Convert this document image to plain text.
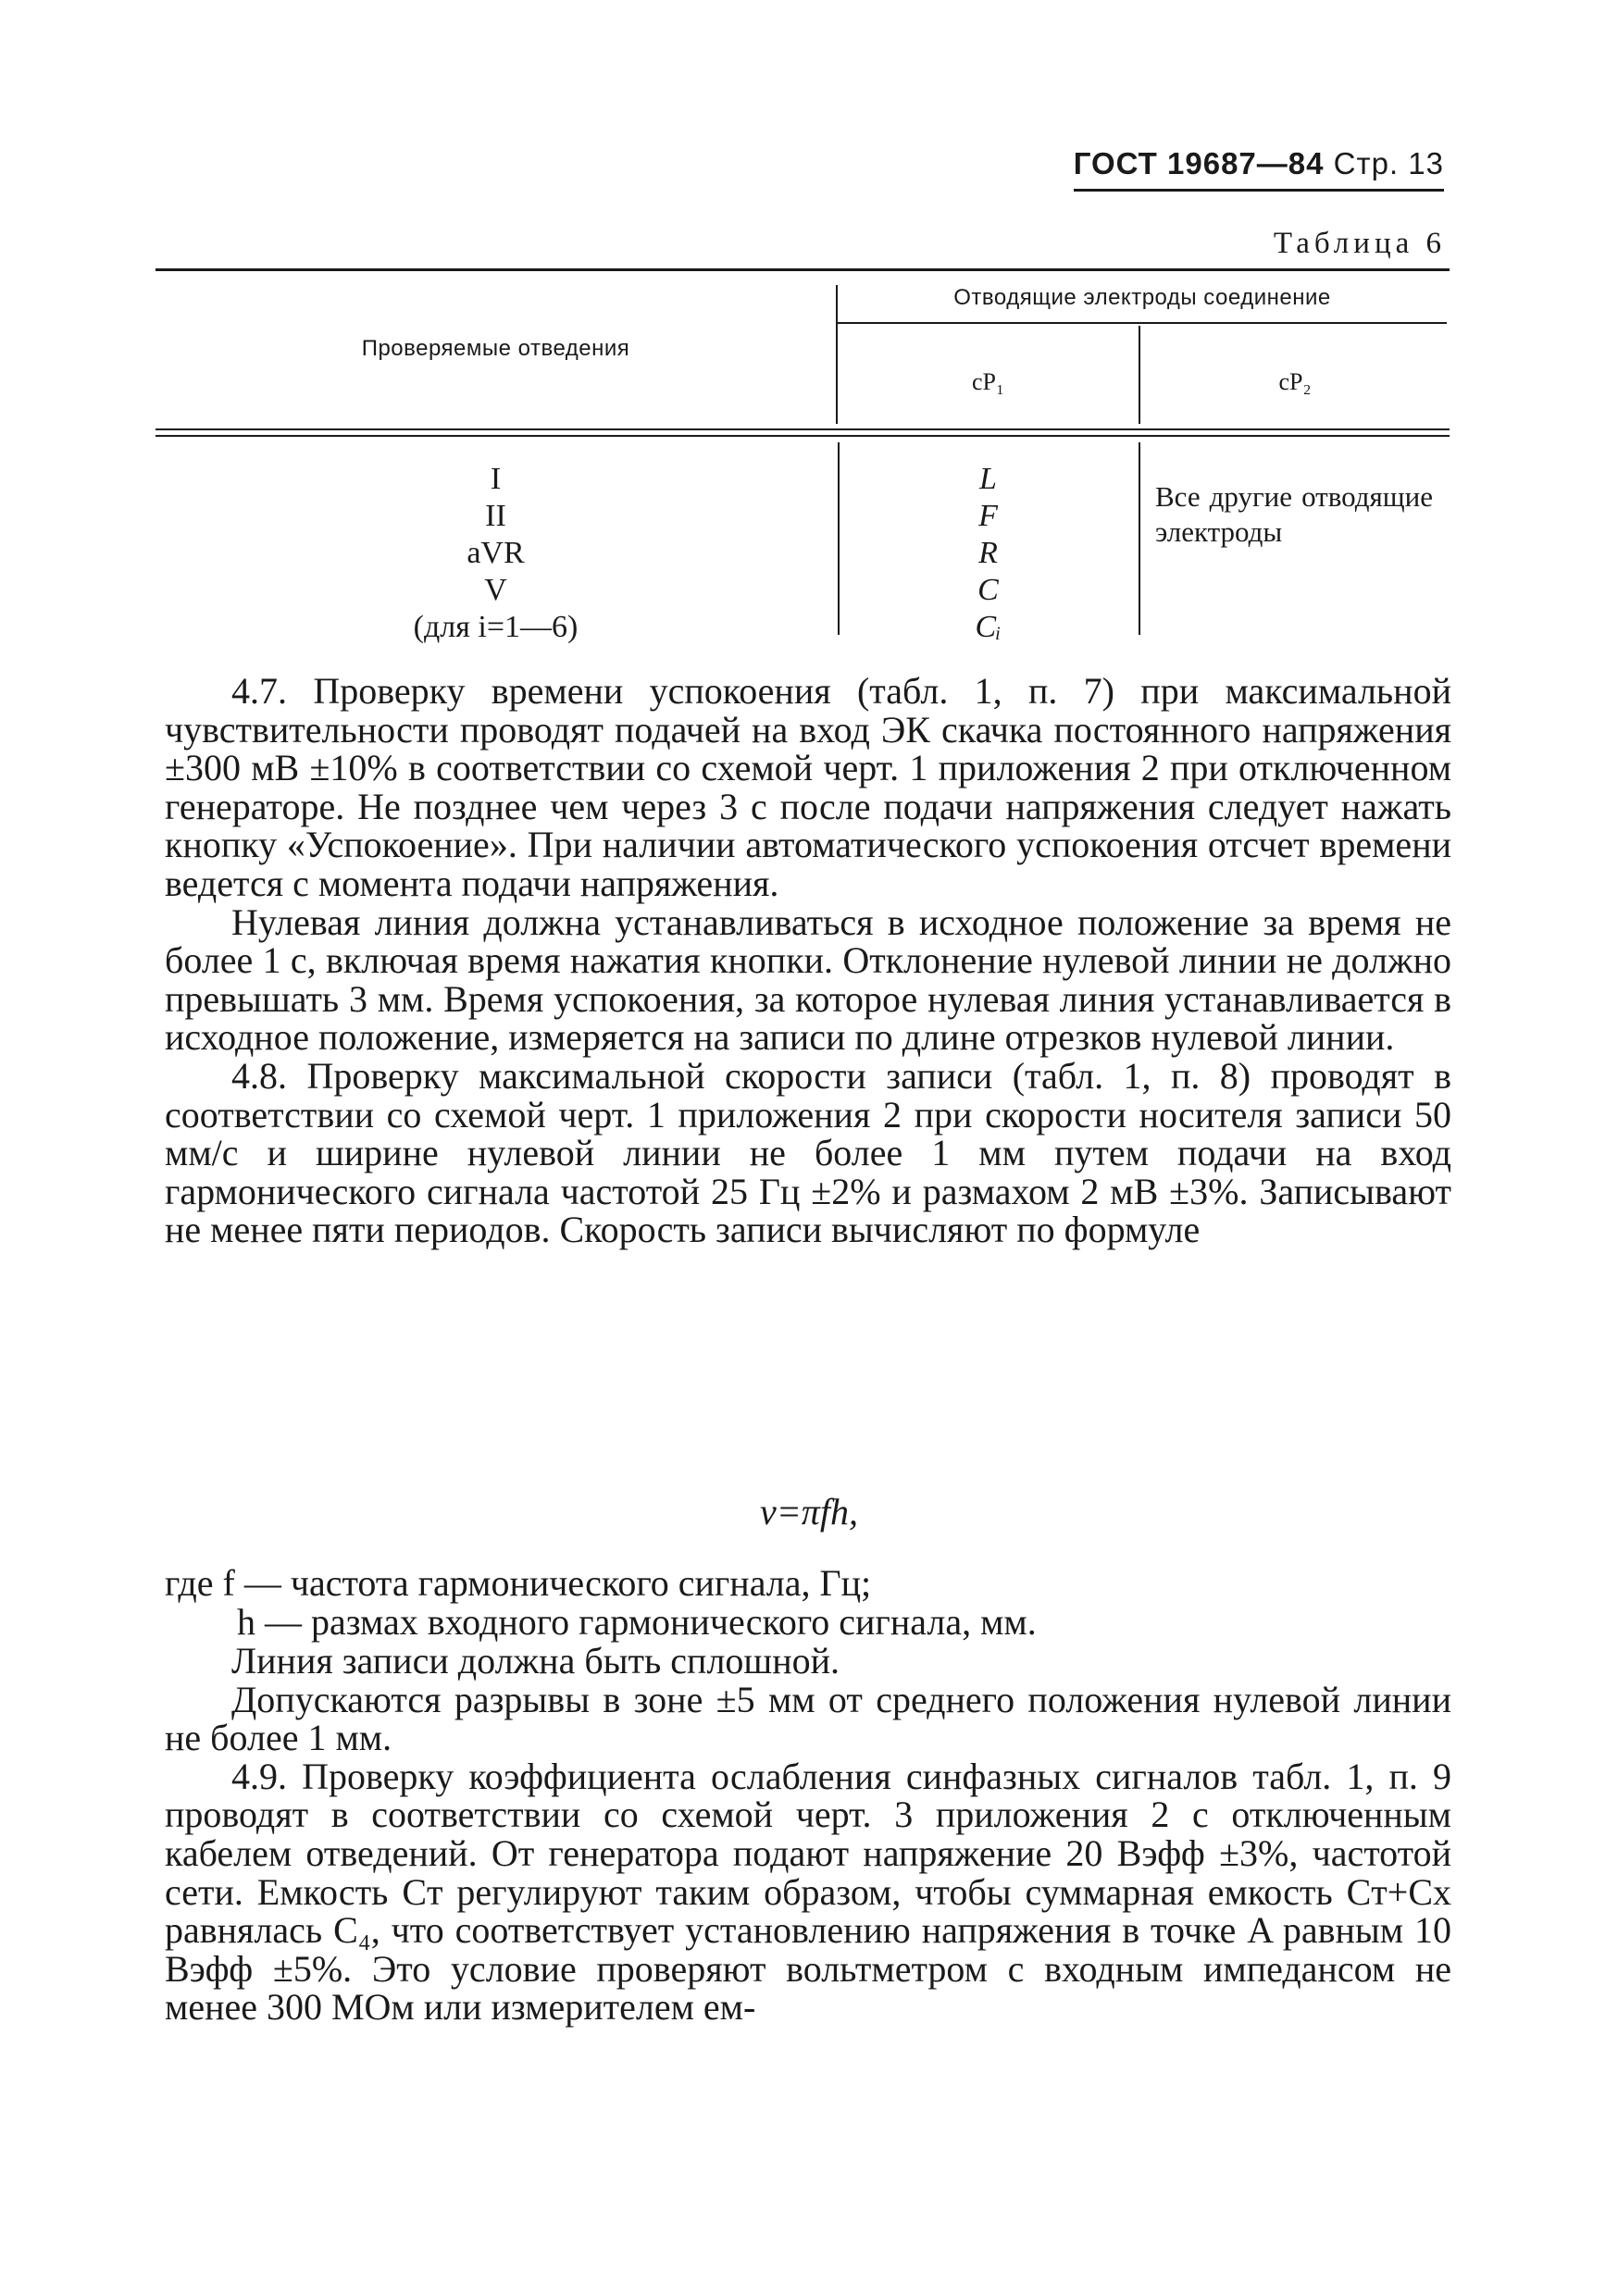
ГОСТ 19687—84 Стр. 13
Таблица 6
Проверяемые отведения
Отводящие электроды соединение
cP₁	cP₂
I
II
aVR
V
(для i=1—6)
L
F
R
C
Cᵢ
Все другие отводящие электроды

4.7. Проверку времени успокоения (табл. 1, п. 7) при максимальной чувствительности проводят подачей на вход ЭК скачка постоянного напряжения ±300 мВ ±10% в соответствии со схемой черт. 1 приложения 2 при отключенном генераторе. Не позднее чем через 3 с после подачи напряжения следует нажать кнопку «Успокоение». При наличии автоматического успокоения отсчет времени ведется с момента подачи напряжения.

Нулевая линия должна устанавливаться в исходное положение за время не более 1 с, включая время нажатия кнопки. Отклонение нулевой линии не должно превышать 3 мм. Время успокоения, за которое нулевая линия устанавливается в исходное положение, измеряется на записи по длине отрезков нулевой линии.

4.8. Проверку максимальной скорости записи (табл. 1, п. 8) проводят в соответствии со схемой черт. 1 приложения 2 при скорости носителя записи 50 мм/с и ширине нулевой линии не более 1 мм путем подачи на вход гармонического сигнала частотой 25 Гц ±2% и размахом 2 мВ ±3%. Записывают не менее пяти периодов. Скорость записи вычисляют по формуле

v=πfh,
где f — частота гармонического сигнала, Гц;
h — размах входного гармонического сигнала, мм.

Линия записи должна быть сплошной.

Допускаются разрывы в зоне ±5 мм от среднего положения нулевой линии не более 1 мм.

4.9. Проверку коэффициента ослабления синфазных сигналов табл. 1, п. 9 проводят в соответствии со схемой черт. 3 приложения 2 с отключенным кабелем отведений. От генератора подают напряжение 20 Вэфф ±3%, частотой сети. Емкость Cт регулируют таким образом, чтобы суммарная емкость Cт+Cх равнялась C₄, что соответствует установлению напряжения в точке A равным 10 Вэфф ±5%. Это условие проверяют вольтметром с входным импедансом не менее 300 МОм или измерителем ем-
